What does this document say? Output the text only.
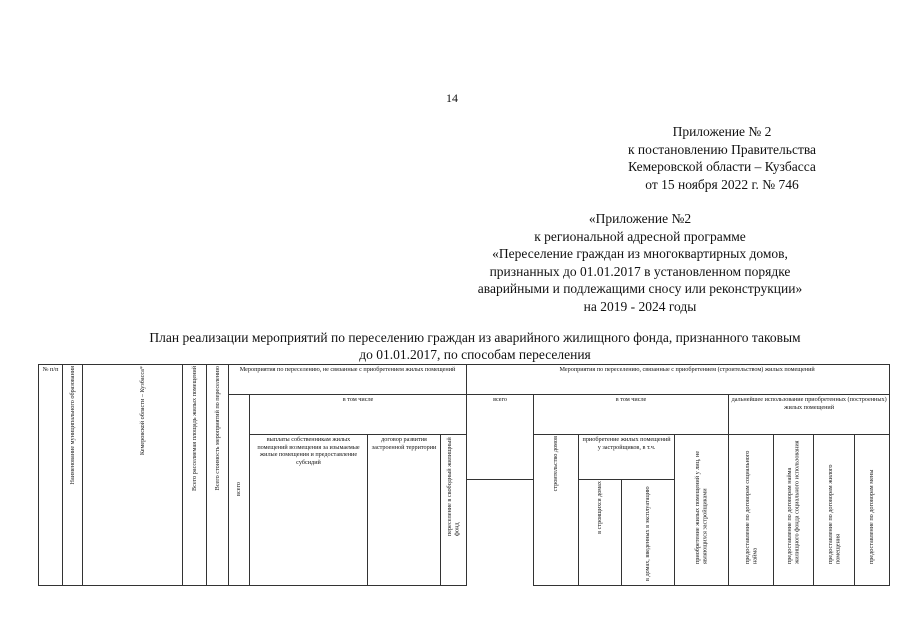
14
Приложение № 2
к постановлению Правительства
Кемеровской области – Кузбасса
от 15 ноября 2022 г. № 746
«Приложение №2
к региональной адресной программе
«Переселение граждан из многоквартирных домов,
признанных до 01.01.2017 в установленном порядке
аварийными и подлежащими сносу или реконструкции»
на 2019 - 2024 годы
План реализации мероприятий по переселению граждан из аварийного жилищного фонда, признанного таковым
до 01.01.2017, по способам переселения
№ п/п	Наименование муниципального образования	Кемеровской области – Кузбасса*	Всего расселяемая площадь жилых помещений	Всего стоимость мероприятий по переселению	Мероприятия по переселению, не связанные с приобретением жилых помещений				Мероприятия по переселению, связанные с приобретением (строительством) жилых помещений								
					всего	в том числе			всего	в том числе				дальнейшее использование приобретенных (построенных) жилых помещений			
						выплаты собственникам жилых помещений возмещения за изымаемые жилые помещения и предоставление субсидий	договор развития застроенной территории	переселение в свободный жилищный фонд		строительство домов	приобретение жилых помещений у застройщиков, в т.ч.		приобретение жилых помещений у лиц, не являющихся застройщиками	предоставление по договорам социального найма	предоставление по договорам найма жилищного фонда социального использования	предоставление по договорам жилого помещения	предоставление по договорам мены
											в строящихся домах	в домах, введенных в эксплуатацию					
